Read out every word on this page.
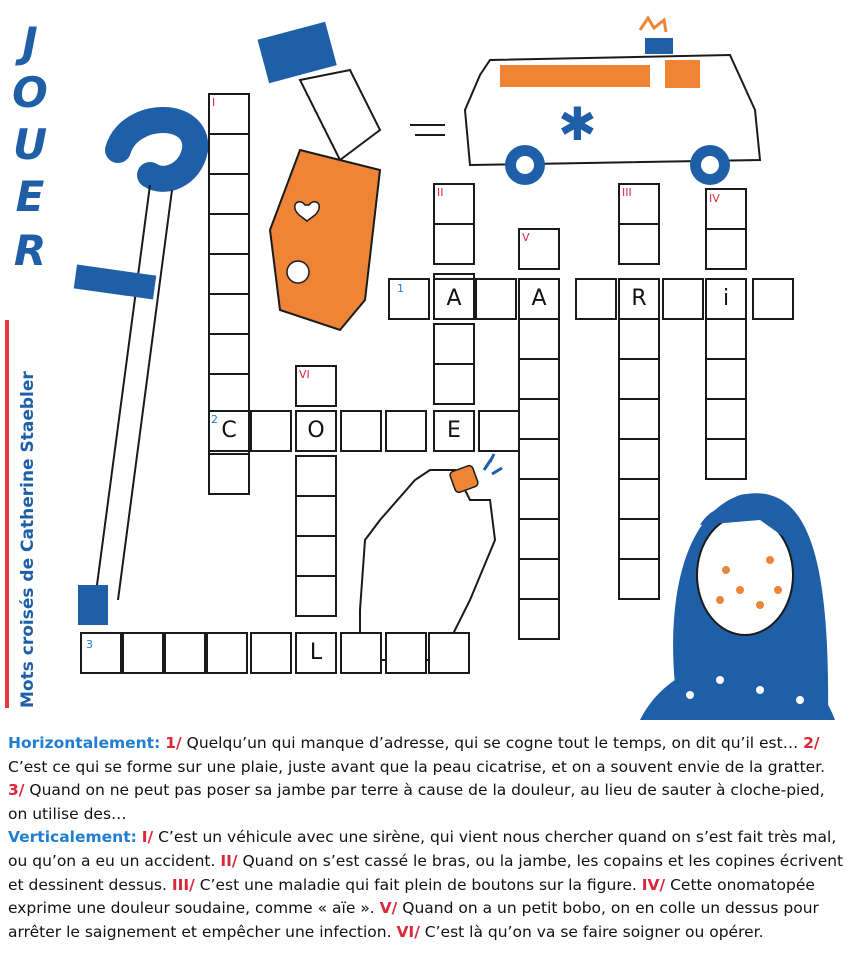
J
O
U
E
R
Mots croisés de Catherine Staebler
✱
I
II	III	IV
V
VI
1
2
3
A	A	R	i
C	O	E
L

Horizontalement: 1/ Quelqu’un qui manque d’adresse, qui se cogne tout le temps, on dit qu’il est… 2/ C’est ce qui se forme sur une plaie, juste avant que la peau cicatrise, et on a souvent envie de la gratter. 3/ Quand on ne peut pas poser sa jambe par terre à cause de la douleur, au lieu de sauter à cloche-pied, on utilise des…

Verticalement: I/ C’est un véhicule avec une sirène, qui vient nous chercher quand on s’est fait très mal, ou qu’on a eu un accident. II/ Quand on s’est cassé le bras, ou la jambe, les copains et les copines écrivent et dessinent dessus. III/ C’est une maladie qui fait plein de boutons sur la figure. IV/ Cette onomatopée exprime une douleur soudaine, comme « aïe ». V/ Quand on a un petit bobo, on en colle un dessus pour arrêter le saignement et empêcher une infection. VI/ C’est là qu’on va se faire soigner ou opérer.
